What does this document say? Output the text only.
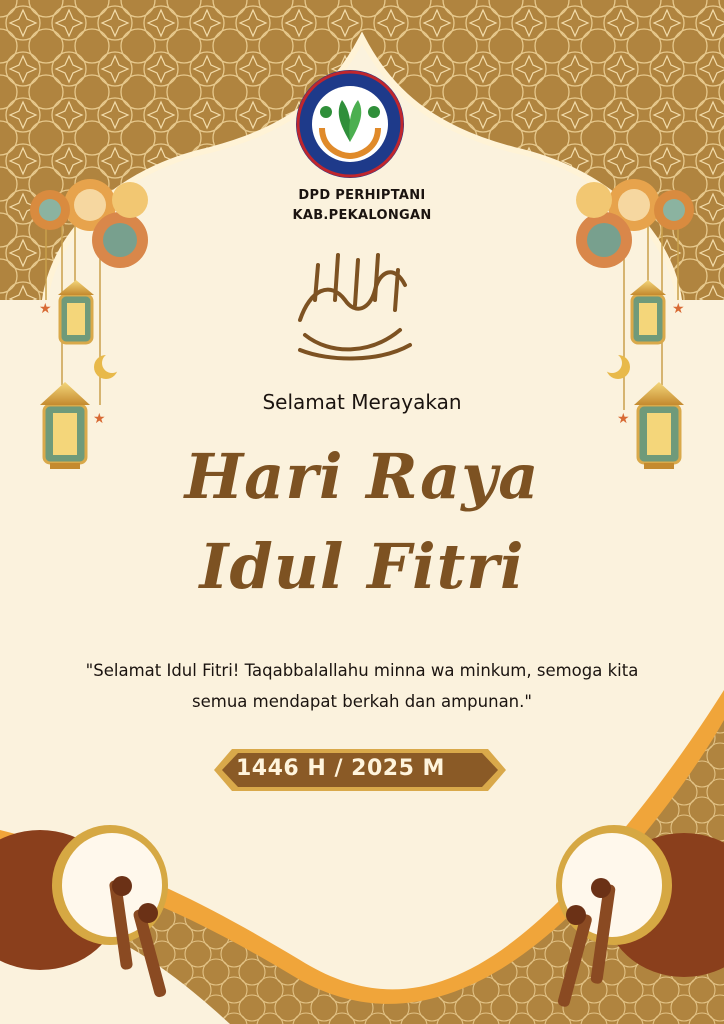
★
★
★
★
DPD PERHIPTANI
KAB.PEKALONGAN
Selamat Merayakan
Hari Raya
Idul Fitri
"Selamat Idul Fitri! Taqabbalallahu minna wa minkum, semoga kita
semua mendapat berkah dan ampunan."
1446 H / 2025 M
